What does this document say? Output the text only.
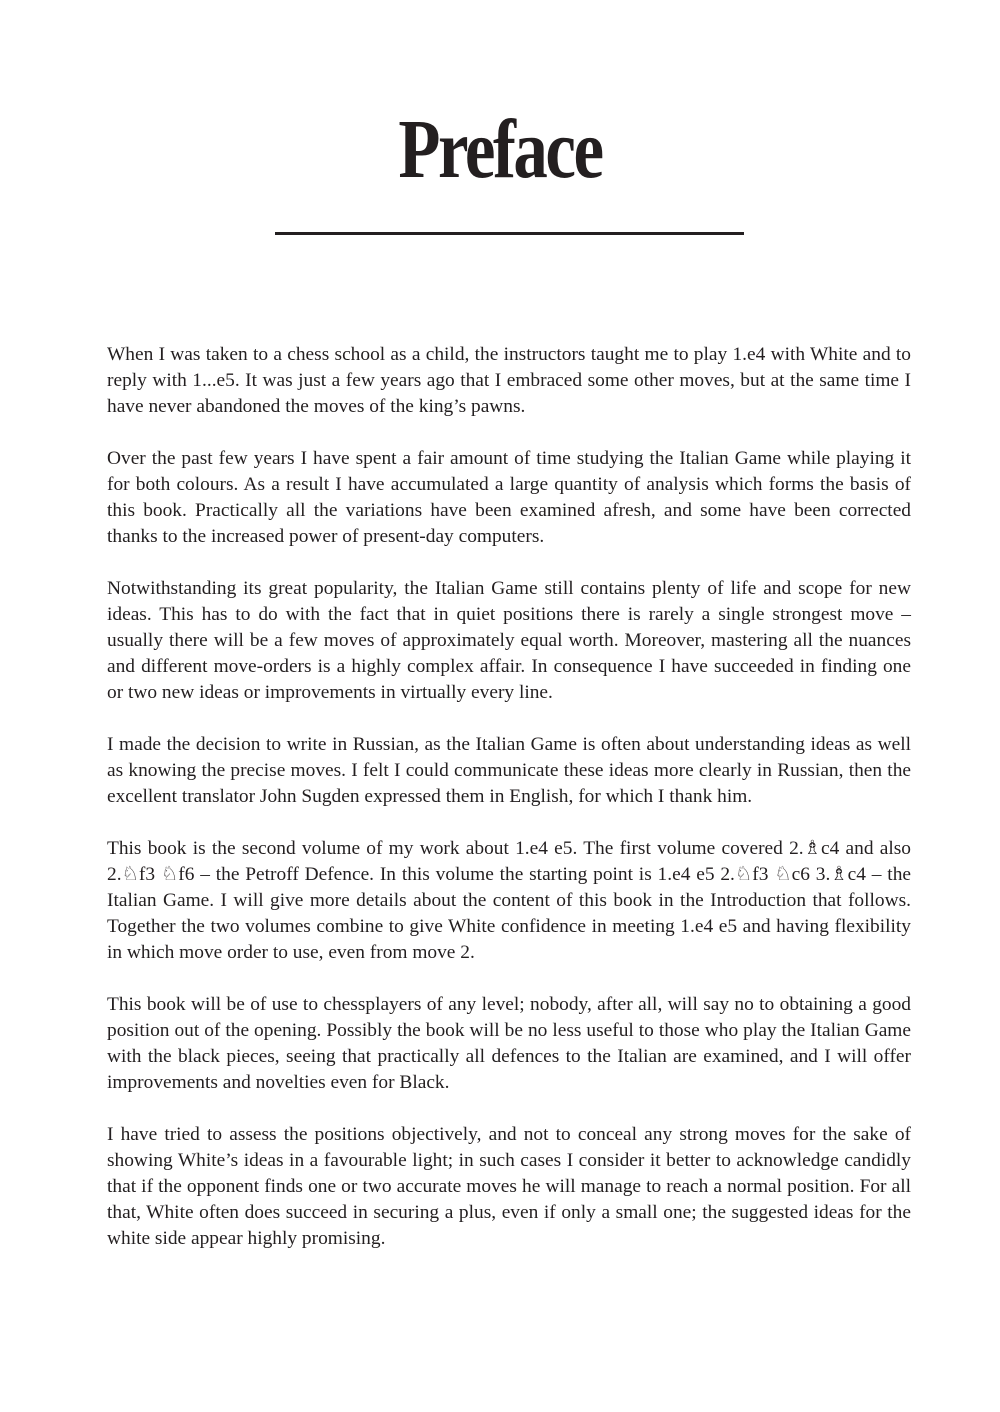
Preface

When I was taken to a chess school as a child, the instructors taught me to play 1.e4 with White and to reply with 1...e5. It was just a few years ago that I embraced some other moves, but at the same time I have never abandoned the moves of the king’s pawns.

Over the past few years I have spent a fair amount of time studying the Italian Game while playing it for both colours. As a result I have accumulated a large quantity of analysis which forms the basis of this book. Practically all the variations have been examined afresh, and some have been corrected thanks to the increased power of present-day computers.

Notwithstanding its great popularity, the Italian Game still contains plenty of life and scope for new ideas. This has to do with the fact that in quiet positions there is rarely a single strongest move – usually there will be a few moves of approximately equal worth. Moreover, mastering all the nuances and different move-orders is a highly complex affair. In consequence I have succeeded in finding one or two new ideas or improvements in virtually every line.

I made the decision to write in Russian, as the Italian Game is often about understanding ideas as well as knowing the precise moves. I felt I could communicate these ideas more clearly in Russian, then the excellent translator John Sugden expressed them in English, for which I thank him.

This book is the second volume of my work about 1.e4 e5. The first volume covered 2.♗c4 and also 2.♘f3 ♘f6 – the Petroff Defence. In this volume the starting point is 1.e4 e5 2.♘f3 ♘c6 3.♗c4 – the Italian Game. I will give more details about the content of this book in the Introduction that follows. Together the two volumes combine to give White confidence in meeting 1.e4 e5 and having flexibility in which move order to use, even from move 2.

This book will be of use to chessplayers of any level; nobody, after all, will say no to obtaining a good position out of the opening. Possibly the book will be no less useful to those who play the Italian Game with the black pieces, seeing that practically all defences to the Italian are examined, and I will offer improvements and novelties even for Black.

I have tried to assess the positions objectively, and not to conceal any strong moves for the sake of showing White’s ideas in a favourable light; in such cases I consider it better to acknowledge candidly that if the opponent finds one or two accurate moves he will manage to reach a normal position. For all that, White often does succeed in securing a plus, even if only a small one; the suggested ideas for the white side appear highly promising.
